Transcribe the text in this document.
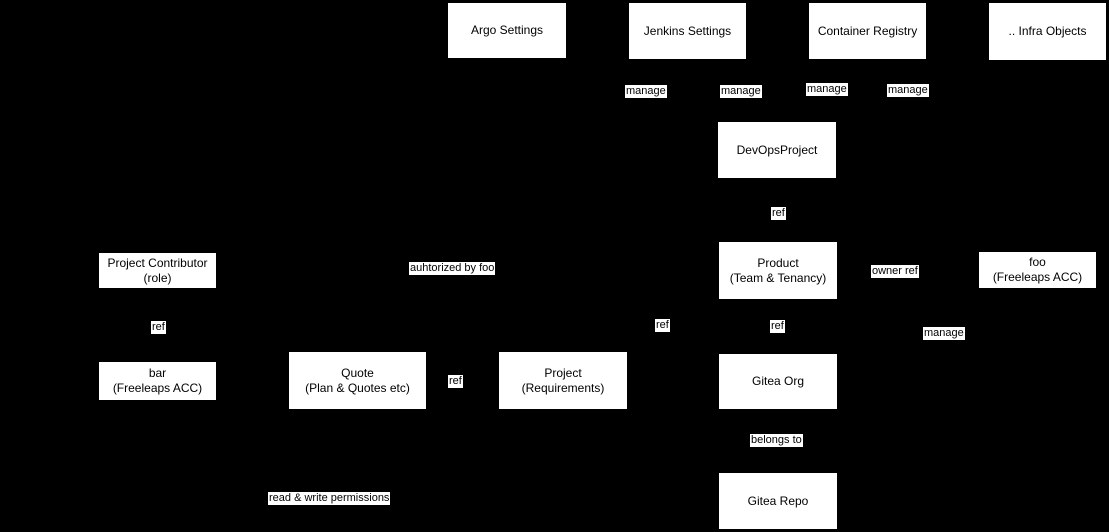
Argo Settings	Jenkins Settings	Container Registry	.. Infra Objects
DevOpsProject
Product
(Team & Tenancy)
Gitea Org
Gitea Repo
foo
(Freeleaps ACC)
Project Contributor
(role)
bar
(Freeleaps ACC)
Quote
(Plan & Quotes etc)
Project
(Requirements)
manage	manage	manage	manage
ref
owner ref
auhtorized by foo
ref	ref	ref
manage
ref
belongs to
read & write permissions
